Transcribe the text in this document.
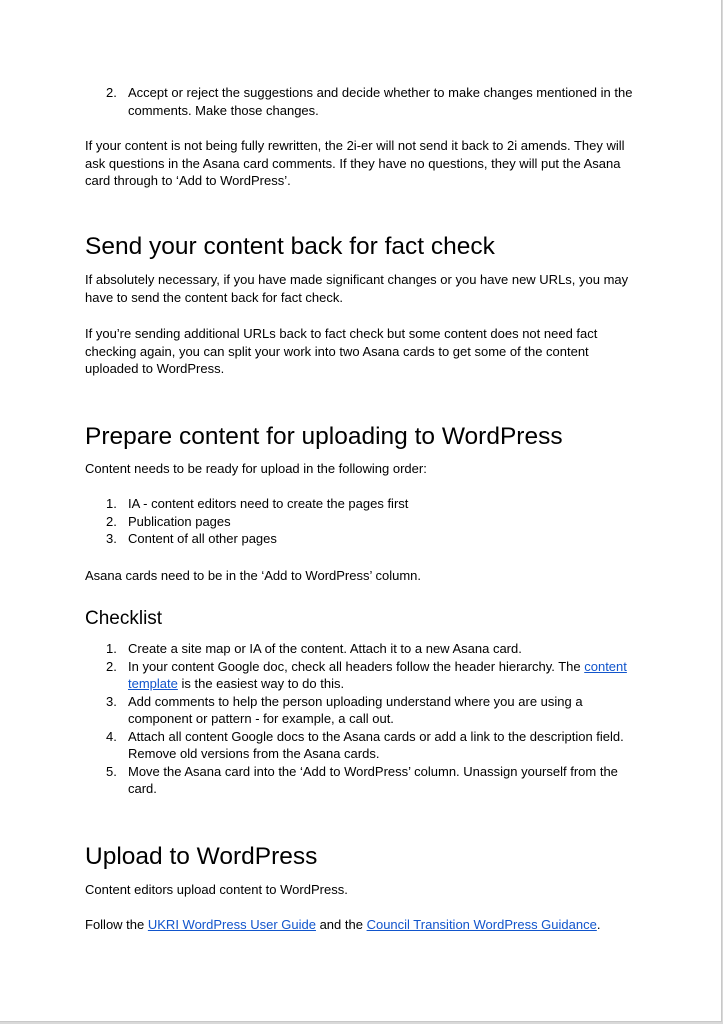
2. Accept or reject the suggestions and decide whether to make changes mentioned in the comments. Make those changes.

If your content is not being fully rewritten, the 2i-er will not send it back to 2i amends. They will ask questions in the Asana card comments. If they have no questions, they will put the Asana card through to ‘Add to WordPress’.

Send your content back for fact check

If absolutely necessary, if you have made significant changes or you have new URLs, you may have to send the content back for fact check.

If you’re sending additional URLs back to fact check but some content does not need fact checking again, you can split your work into two Asana cards to get some of the content uploaded to WordPress.

Prepare content for uploading to WordPress

Content needs to be ready for upload in the following order:

1. IA - content editors need to create the pages first
2. Publication pages
3. Content of all other pages

Asana cards need to be in the ‘Add to WordPress’ column.

Checklist
1. Create a site map or IA of the content. Attach it to a new Asana card.
2. In your content Google doc, check all headers follow the header hierarchy. The content template is the easiest way to do this.
3. Add comments to help the person uploading understand where you are using a component or pattern - for example, a call out.
4. Attach all content Google docs to the Asana cards or add a link to the description field. Remove old versions from the Asana cards.
5. Move the Asana card into the ‘Add to WordPress’ column. Unassign yourself from the card.
Upload to WordPress

Content editors upload content to WordPress.

Follow the UKRI WordPress User Guide and the Council Transition WordPress Guidance.
